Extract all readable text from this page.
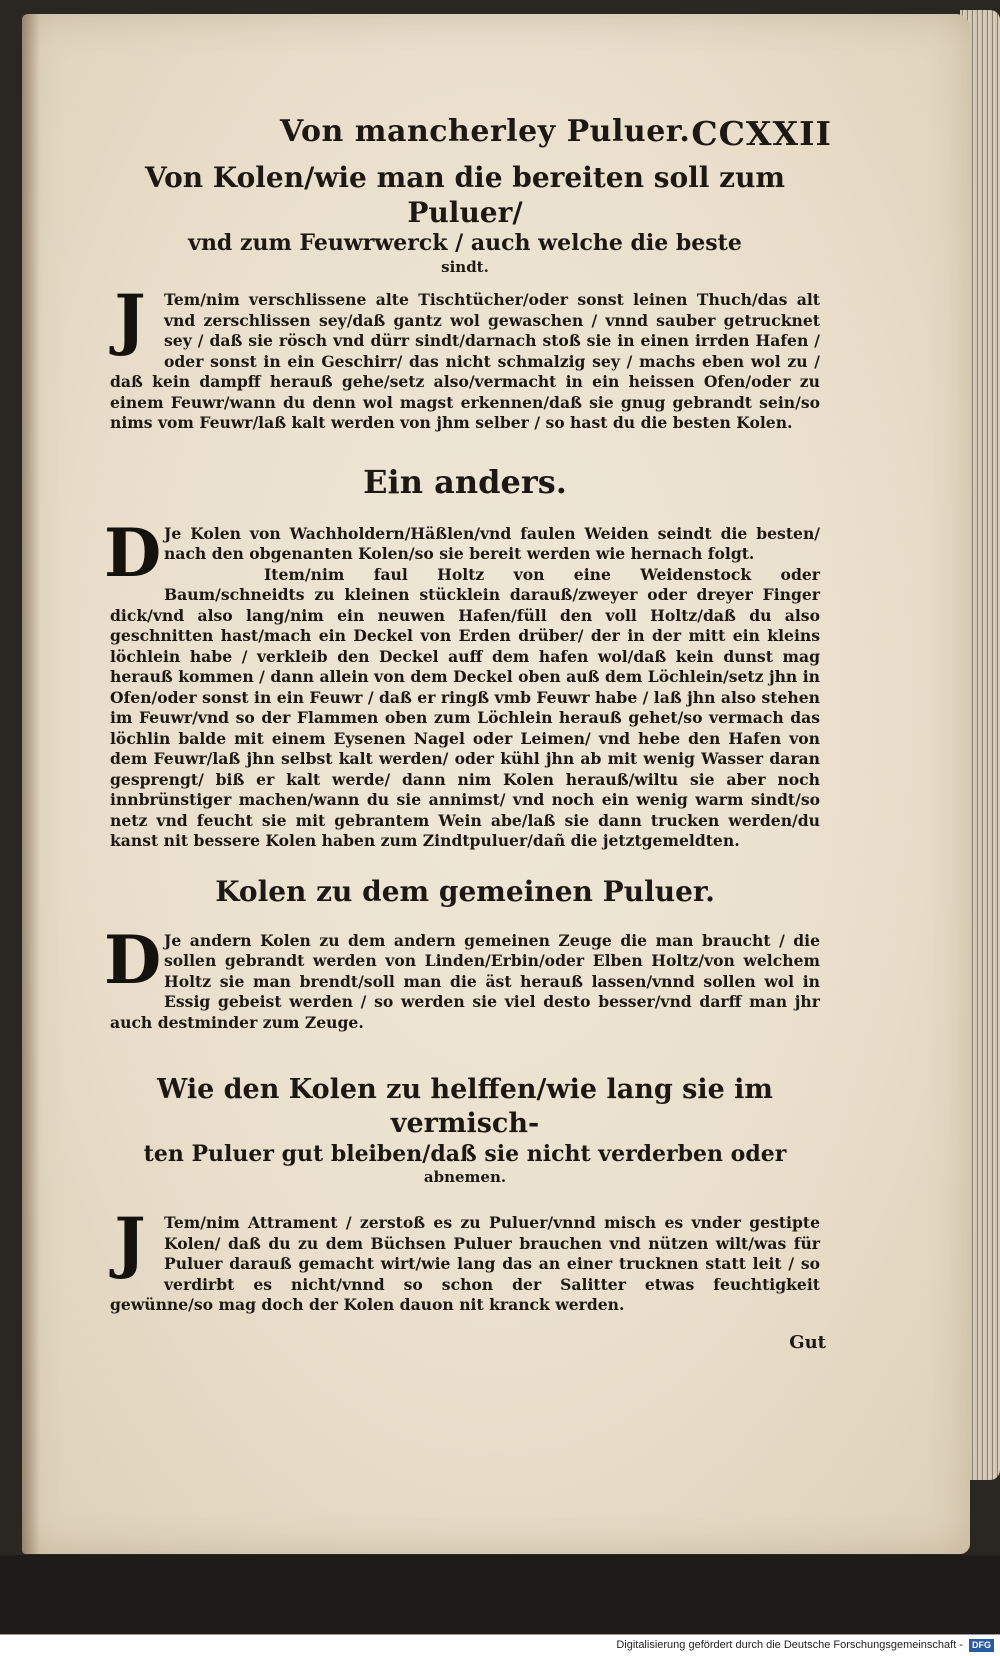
Von mancherley Puluer. CCXXII
Von Kolen/wie man die bereiten soll zum Puluer/

vnd zum Feuwrwerck / auch welche die beste
sindt.

J	Tem/nim verschlissene alte Tischtücher/oder sonst leinen Thuch/das alt vnd zerschlissen sey/daß gantz wol gewaschen / vnnd sauber getrucknet sey / daß sie rösch vnd dürr sindt/darnach stoß sie in einen irrden Hafen / oder sonst in ein Geschirr/ das nicht schmalzig sey / machs eben wol zu / daß kein dampff herauß gehe/setz also/vermacht in ein heissen Ofen/oder zu einem Feuwr/wann du denn wol magst erkennen/daß sie gnug gebrandt sein/so nims vom Feuwr/laß kalt werden von jhm selber / so hast du die besten Kolen.

Ein anders.

D Je Kolen von Wachholdern/Häßlen/vnd faulen Weiden seindt die besten/ nach den obgenanten Kolen/so sie bereit werden wie hernach folgt.

Item/nim faul Holtz von eine Weidenstock oder Baum/schneidts zu kleinen stücklein darauß/zweyer oder dreyer Finger dick/vnd also lang/nim ein neuwen Hafen/füll den voll Holtz/daß du also geschnitten hast/mach ein Deckel von Erden drüber/ der in der mitt ein kleins löchlein habe / verkleib den Deckel auff dem hafen wol/daß kein dunst mag herauß kommen / dann allein von dem Deckel oben auß dem Löchlein/setz jhn in Ofen/oder sonst in ein Feuwr / daß er ringß vmb Feuwr habe / laß jhn also stehen im Feuwr/vnd so der Flammen oben zum Löchlein herauß gehet/so vermach das löchlin balde mit einem Eysenen Nagel oder Leimen/ vnd hebe den Hafen von dem Feuwr/laß jhn selbst kalt werden/ oder kühl jhn ab mit wenig Wasser daran gesprengt/ biß er kalt werde/ dann nim Kolen herauß/wiltu sie aber noch innbrünstiger machen/wann du sie annimst/ vnd noch ein wenig warm sindt/so netz vnd feucht sie mit gebrantem Wein abe/laß sie dann trucken werden/du kanst nit bessere Kolen haben zum Zindtpuluer/dañ die jetztgemeldten.

Kolen zu dem gemeinen Puluer.

D Je andern Kolen zu dem andern gemeinen Zeuge die man braucht / die sollen gebrandt werden von Linden/Erbin/oder Elben Holtz/von welchem Holtz sie man brendt/soll man die äst herauß lassen/vnnd sollen wol in Essig gebeist werden / so werden sie viel desto besser/vnd darff man jhr auch destminder zum Zeuge.

Wie den Kolen zu helffen/wie lang sie im vermisch-

ten Puluer gut bleiben/daß sie nicht verderben oder
abnemen.

J	Tem/nim Attrament / zerstoß es zu Puluer/vnnd misch es vnder gestipte Kolen/ daß du zu dem Büchsen Puluer brauchen vnd nützen wilt/was für Puluer darauß gemacht wirt/wie lang das an einer trucknen statt leit / so verdirbt es nicht/vnnd so schon der Salitter etwas feuchtigkeit gewünne/so mag doch der Kolen dauon nit kranck werden.

Gut
Digitalisierung gefördert durch die Deutsche Forschungsgemeinschaft - DFG
